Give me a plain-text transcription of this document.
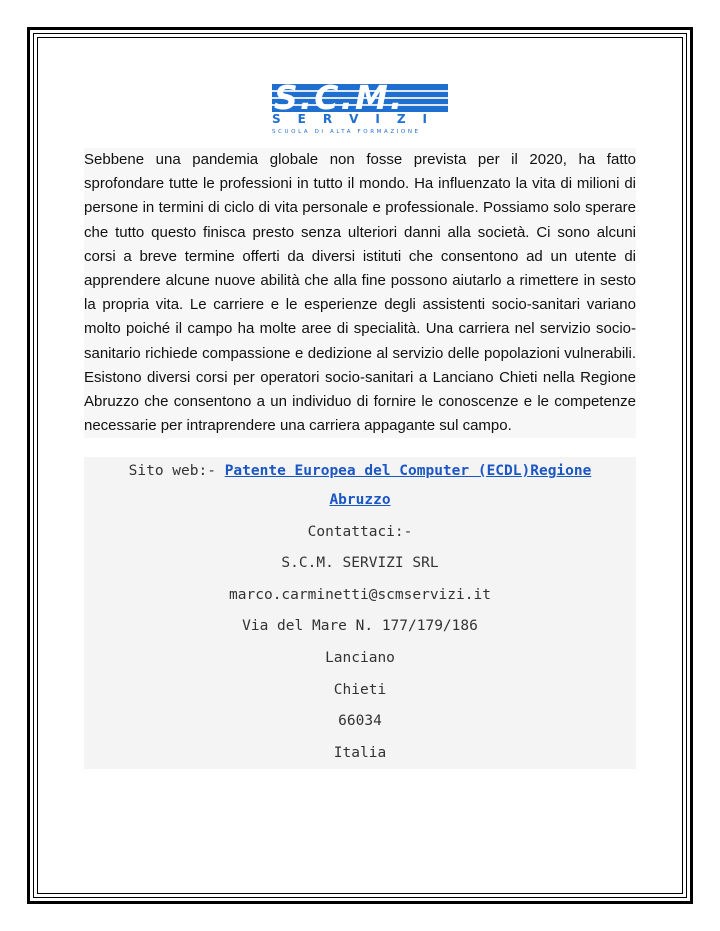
S.C.M.
SERVIZI
SCUOLA DI ALTA FORMAZIONE

Sebbene una pandemia globale non fosse prevista per il 2020, ha fatto sprofondare tutte le professioni in tutto il mondo. Ha influenzato la vita di milioni di persone in termini di ciclo di vita personale e professionale. Possiamo solo sperare che tutto questo finisca presto senza ulteriori danni alla società. Ci sono alcuni corsi a breve termine offerti da diversi istituti che consentono ad un utente di apprendere alcune nuove abilità che alla fine possono aiutarlo a rimettere in sesto la propria vita. Le carriere e le esperienze degli assistenti socio-sanitari variano molto poiché il campo ha molte aree di specialità. Una carriera nel servizio socio-sanitario richiede compassione e dedizione al servizio delle popolazioni vulnerabili. Esistono diversi corsi per operatori socio-sanitari a Lanciano Chieti nella Regione Abruzzo che consentono a un individuo di fornire le conoscenze e le competenze necessarie per intraprendere una carriera appagante sul campo.

Sito web:- Patente Europea del Computer (ECDL)Regione
Abruzzo
Contattaci:-
S.C.M. SERVIZI SRL
marco.carminetti@scmservizi.it
Via del Mare N. 177/179/186
Lanciano
Chieti
66034
Italia
